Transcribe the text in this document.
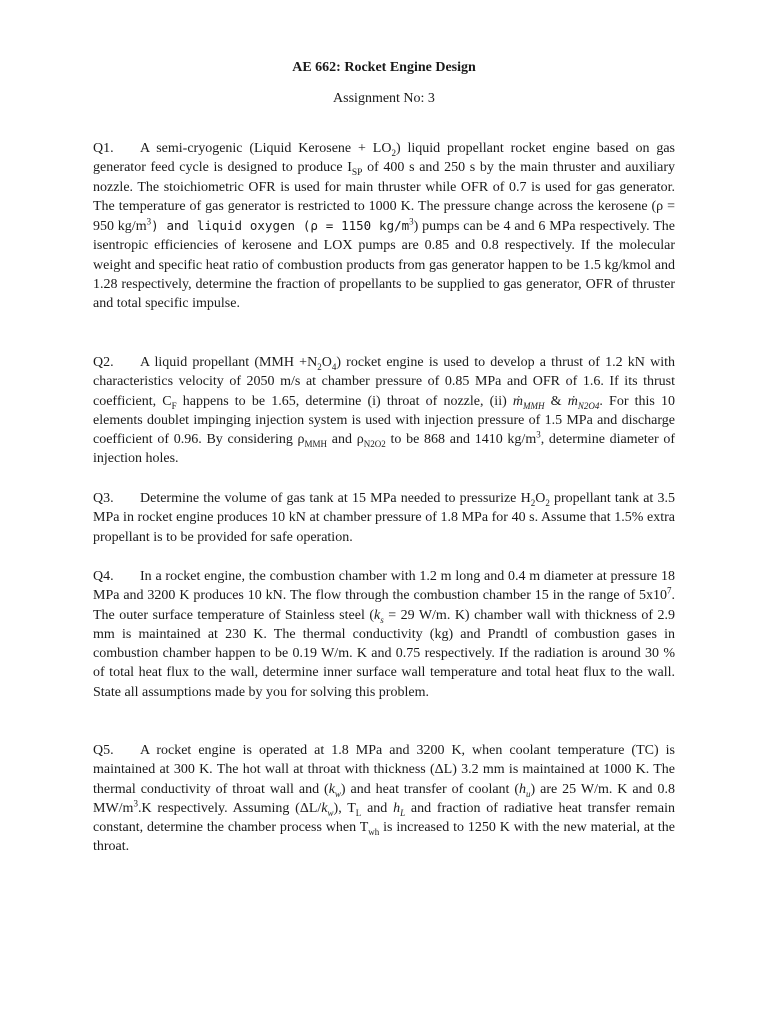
AE 662: Rocket Engine Design
Assignment No: 3
Q1. A semi-cryogenic (Liquid Kerosene + $LO_2$) liquid propellant rocket engine based on gas generator feed cycle is designed to produce $I_{SP}$ of 400 s and 250 s by the main thruster and auxiliary nozzle. The stoichiometric OFR is used for main thruster while OFR of 0.7 is used for gas generator. The temperature of gas generator is restricted to 1000 K. The pressure change across the kerosene (ρ = 950 $kg/m^3$) and liquid oxygen (ρ = 1150 $kg/m^3$) pumps can be 4 and 6 MPa respectively. The isentropic efficiencies of kerosene and LOX pumps are 0.85 and 0.8 respectively. If the molecular weight and specific heat ratio of combustion products from gas generator happen to be 1.5 kg/kmol and 1.28 respectively, determine the fraction of propellants to be supplied to gas generator, OFR of thruster and total specific impulse.
Q2. A liquid propellant $(MMH +N_2O_4)$ rocket engine is used to develop a thrust of 1.2 kN with characteristics velocity of 2050 m/s at chamber pressure of 0.85 MPa and OFR of 1.6. If its thrust coefficient, $C_F$ happens to be 1.65, determine (i) throat of nozzle, (ii) ṁ$_{MMH}$ & ṁ$_{N2O4}$. For this 10 elements doublet impinging injection system is used with injection pressure of 1.5 MPa and discharge coefficient of 0.96. By considering $\rho_{MMH}$ and $\rho_{N2O2}$ to be 868 and 1410 $kg/m^3$, determine diameter of injection holes.
Q3. Determine the volume of gas tank at 15 MPa needed to pressurize $H_2O_2$ propellant tank at 3.5 MPa in rocket engine produces 10 kN at chamber pressure of 1.8 MPa for 40 s. Assume that 1.5% extra propellant is to be provided for safe operation.
Q4. In a rocket engine, the combustion chamber with 1.2 m long and 0.4 m diameter at pressure 18 MPa and 3200 K produces 10 kN. The flow through the combustion chamber 15 in the range of $5x10^7$. The outer surface temperature of Stainless steel ($k_s = 29$ W/m. K) chamber wall with thickness of 2.9 mm is maintained at 230 K. The thermal conductivity (kg) and Prandtl of combustion gases in combustion chamber happen to be 0.19 W/m. K and 0.75 respectively. If the radiation is around 30 % of total heat flux to the wall, determine inner surface wall temperature and total heat flux to the wall. State all assumptions made by you for solving this problem.
Q5. A rocket engine is operated at 1.8 MPa and 3200 K, when coolant temperature (TC) is maintained at 300 K. The hot wall at throat with thickness (ΔL) 3.2 mm is maintained at 1000 K. The thermal conductivity of throat wall and $(k_w)$ and heat transfer of coolant $(h_u)$ are 25 W/m. K and 0.8 $MW/m^3.K$ respectively. Assuming $(\Delta L/k_w)$, $T_L$ and $h_L$ and fraction of radiative heat transfer remain constant, determine the chamber process when $T_{wh}$ is increased to 1250 K with the new material, at the throat.
